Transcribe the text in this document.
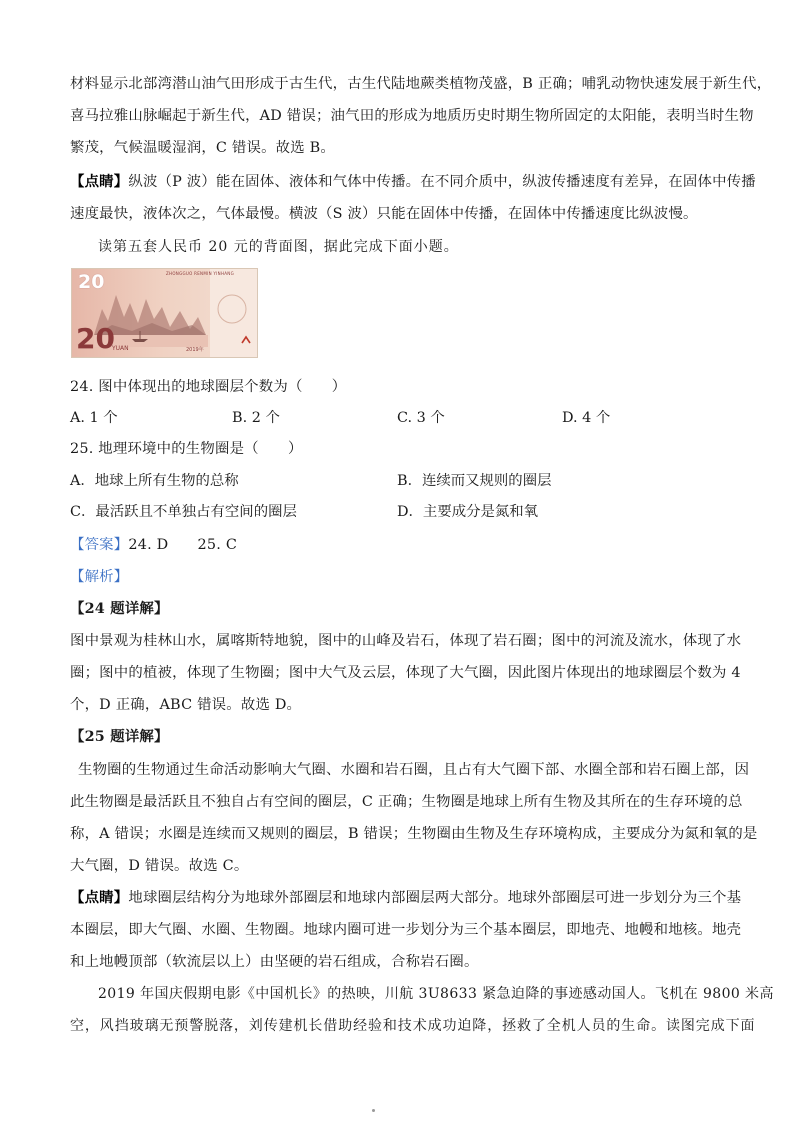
材料显示北部湾潜山油气田形成于古生代，古生代陆地蕨类植物茂盛，B 正确；哺乳动物快速发展于新生代，
喜马拉雅山脉崛起于新生代，AD 错误；油气田的形成为地质历史时期生物所固定的太阳能，表明当时生物
繁茂，气候温暖湿润，C 错误。故选 B。
【点睛】纵波（P 波）能在固体、液体和气体中传播。在不同介质中，纵波传播速度有差异，在固体中传播
速度最快，液体次之，气体最慢。横波（S 波）只能在固体中传播，在固体中传播速度比纵波慢。
读第五套人民币 20 元的背面图，据此完成下面小题。
20
20
YUAN
ZHONGGUO RENMIN YINHANG
2019年
24. 图中体现出的地球圈层个数为（　　）
A. 1 个	B. 2 个	C. 3 个	D. 4 个
25. 地理环境中的生物圈是（　　）
A．地球上所有生物的总称	B．连续而又规则的圈层
C．最活跃且不单独占有空间的圈层	D．主要成分是氮和氧
【答案】24. D　　25. C
【解析】
【24 题详解】
图中景观为桂林山水，属喀斯特地貌，图中的山峰及岩石，体现了岩石圈；图中的河流及流水，体现了水
圈；图中的植被，体现了生物圈；图中大气及云层，体现了大气圈，因此图片体现出的地球圈层个数为 4
个，D 正确，ABC 错误。故选 D。
【25 题详解】
生物圈的生物通过生命活动影响大气圈、水圈和岩石圈，且占有大气圈下部、水圈全部和岩石圈上部，因
此生物圈是最活跃且不独自占有空间的圈层，C 正确；生物圈是地球上所有生物及其所在的生存环境的总
称，A 错误；水圈是连续而又规则的圈层，B 错误；生物圈由生物及生存环境构成，主要成分为氮和氧的是
大气圈，D 错误。故选 C。
【点睛】地球圈层结构分为地球外部圈层和地球内部圈层两大部分。地球外部圈层可进一步划分为三个基
本圈层，即大气圈、水圈、生物圈。地球内圈可进一步划分为三个基本圈层，即地壳、地幔和地核。地壳
和上地幔顶部（软流层以上）由坚硬的岩石组成，合称岩石圈。
2019 年国庆假期电影《中国机长》的热映，川航 3U8633 紧急迫降的事迹感动国人。飞机在 9800 米高
空，风挡玻璃无预警脱落，刘传建机长借助经验和技术成功迫降，拯救了全机人员的生命。读图完成下面
